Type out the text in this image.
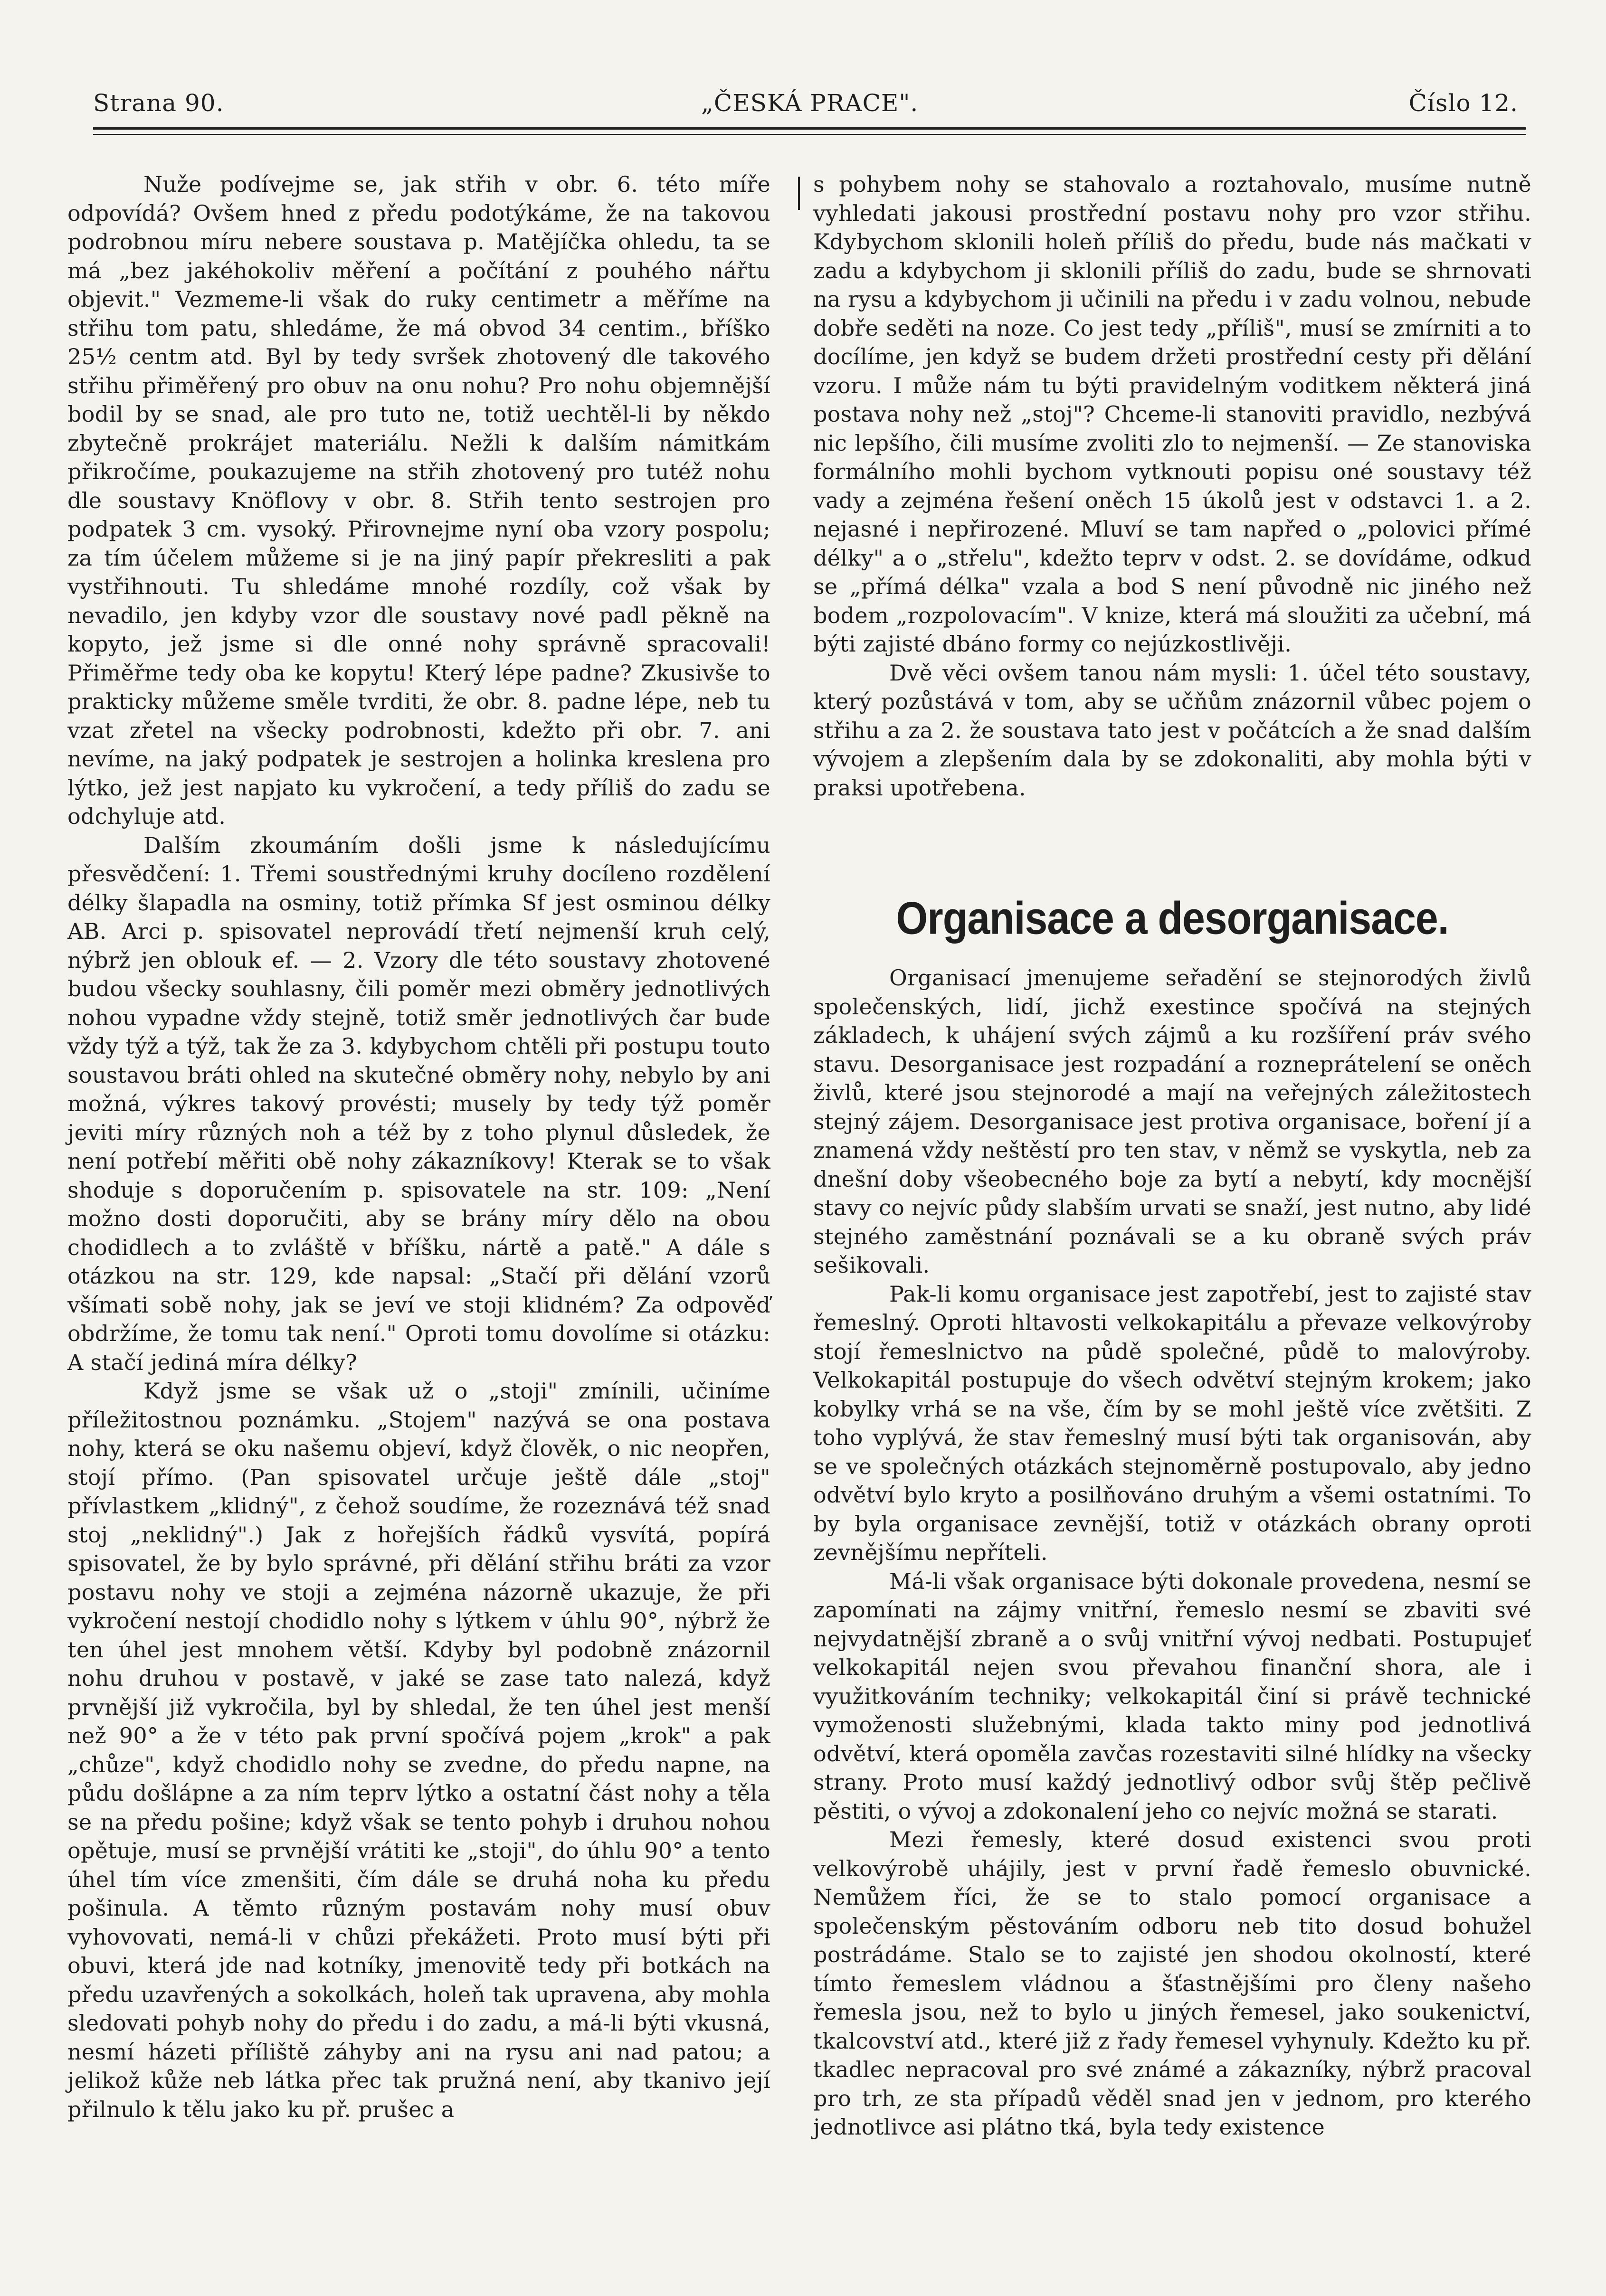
Strana 90.	„ČESKÁ PRACE".	Číslo 12.

Nuže podívejme se, jak střih v obr. 6. této míře odpovídá? Ovšem hned z předu podotýkáme, že na takovou podrobnou míru nebere soustava p. Matějíčka ohledu, ta se má „bez jakéhokoliv měření a počítání z pouhého nářtu objevit." Vezmeme-li však do ruky centimetr a měříme na střihu tom patu, shledáme, že má obvod 34 centim., bříško 25½ centm atd. Byl by tedy svršek zhotovený dle takového střihu přiměřený pro obuv na onu nohu? Pro nohu objemnější bodil by se snad, ale pro tuto ne, totiž uechtěl-li by někdo zbytečně prokrájet materiálu. Nežli k dalším námitkám přikročíme, poukazujeme na střih zhotovený pro tutéž nohu dle soustavy Knöflovy v obr. 8. Střih tento sestrojen pro podpatek 3 cm. vysoký. Přirovnejme nyní oba vzory pospolu; za tím účelem můžeme si je na jiný papír překresliti a pak vystřihnouti. Tu shledáme mnohé rozdíly, což však by nevadilo, jen kdyby vzor dle soustavy nové padl pěkně na kopyto, jež jsme si dle onné nohy správně spracovali! Přiměřme tedy oba ke kopytu! Který lépe padne? Zkusivše to prakticky můžeme směle tvrditi, že obr. 8. padne lépe, neb tu vzat zřetel na všecky podrobnosti, kdežto při obr. 7. ani nevíme, na jaký podpatek je sestrojen a holinka kreslena pro lýtko, jež jest napjato ku vykročení, a tedy příliš do zadu se odchyluje atd.

Dalším zkoumáním došli jsme k následujícímu přesvědčení: 1. Třemi soustřednými kruhy docíleno rozdělení délky šlapadla na osminy, totiž přímka Sf jest osminou délky AB. Arci p. spisovatel neprovádí třetí nejmenší kruh celý, nýbrž jen oblouk ef. — 2. Vzory dle této soustavy zhotovené budou všecky souhlasny, čili poměr mezi obměry jednotlivých nohou vypadne vždy stejně, totiž směr jednotlivých čar bude vždy týž a týž, tak že za 3. kdybychom chtěli při postupu touto soustavou bráti ohled na skutečné obměry nohy, nebylo by ani možná, výkres takový provésti; musely by tedy týž poměr jeviti míry různých noh a též by z toho plynul důsledek, že není potřebí měřiti obě nohy zákazníkovy! Kterak se to však shoduje s doporučením p. spisovatele na str. 109: „Není možno dosti doporučiti, aby se brány míry dělo na obou chodidlech a to zvláště v bříšku, nártě a patě." A dále s otázkou na str. 129, kde napsal: „Stačí při dělání vzorů všímati sobě nohy, jak se jeví ve stoji klidném? Za odpověď obdržíme, že tomu tak není." Oproti tomu dovolíme si otázku: A stačí jediná míra délky?

Když jsme se však už o „stoji" zmínili, učiníme příležitostnou poznámku. „Stojem" nazývá se ona postava nohy, která se oku našemu objeví, když člověk, o nic neopřen, stojí přímo. (Pan spisovatel určuje ještě dále „stoj" přívlastkem „klidný", z čehož soudíme, že rozeznává též snad stoj „neklidný".) Jak z hořejších řádků vysvítá, popírá spisovatel, že by bylo správné, při dělání střihu bráti za vzor postavu nohy ve stoji a zejména názorně ukazuje, že při vykročení nestojí chodidlo nohy s lýtkem v úhlu 90°, nýbrž že ten úhel jest mnohem větší. Kdyby byl podobně znázornil nohu druhou v postavě, v jaké se zase tato nalezá, když prvnější již vykročila, byl by shledal, že ten úhel jest menší než 90° a že v této pak první spočívá pojem „krok" a pak „chůze", když chodidlo nohy se zvedne, do předu napne, na půdu došlápne a za ním teprv lýtko a ostatní část nohy a těla se na předu pošine; když však se tento pohyb i druhou nohou opětuje, musí se prvnější vrátiti ke „stoji", do úhlu 90° a tento úhel tím více zmenšiti, čím dále se druhá noha ku předu pošinula. A těmto různým postavám nohy musí obuv vyhovovati, nemá-li v chůzi překážeti. Proto musí býti při obuvi, která jde nad kotníky, jmenovitě tedy při botkách na předu uzavřených a sokolkách, holeň tak upravena, aby mohla sledovati pohyb nohy do předu i do zadu, a má-li býti vkusná, nesmí házeti příliště záhyby ani na rysu ani nad patou; a jelikož kůže neb látka přec tak pružná není, aby tkanivo její přilnulo k tělu jako ku př. prušec a

s pohybem nohy se stahovalo a roztahovalo, musíme nutně vyhledati jakousi prostřední postavu nohy pro vzor střihu. Kdybychom sklonili holeň příliš do předu, bude nás mačkati v zadu a kdybychom ji sklonili příliš do zadu, bude se shrnovati na rysu a kdybychom ji učinili na předu i v zadu volnou, nebude dobře seděti na noze. Co jest tedy „příliš", musí se zmírniti a to docílíme, jen když se budem držeti prostřední cesty při dělání vzoru. I může nám tu býti pravidelným voditkem některá jiná postava nohy než „stoj"? Chceme-li stanoviti pravidlo, nezbývá nic lepšího, čili musíme zvoliti zlo to nejmenší. — Ze stanoviska formálního mohli bychom vytknouti popisu oné soustavy též vady a zejména řešení oněch 15 úkolů jest v odstavci 1. a 2. nejasné i nepřirozené. Mluví se tam napřed o „polovici přímé délky" a o „střelu", kdežto teprv v odst. 2. se dovídáme, odkud se „přímá délka" vzala a bod S není původně nic jiného než bodem „rozpolovacím". V knize, která má sloužiti za učební, má býti zajisté dbáno formy co nejúzkostlivěji.

Dvě věci ovšem tanou nám mysli: 1. účel této soustavy, který pozůstává v tom, aby se učňům znázornil vůbec pojem o střihu a za 2. že soustava tato jest v počátcích a že snad dalším vývojem a zlepšením dala by se zdokonaliti, aby mohla býti v praksi upotřebena.

Organisace a desorganisace.

Organisací jmenujeme seřadění se stejnorodých živlů společenských, lidí, jichž exestince spočívá na stejných základech, k uhájení svých zájmů a ku rozšíření práv svého stavu. Desorganisace jest rozpadání a rozneprátelení se oněch živlů, které jsou stejnorodé a mají na veřejných záležitostech stejný zájem. Desorganisace jest protiva organisace, boření jí a znamená vždy neštěstí pro ten stav, v němž se vyskytla, neb za dnešní doby všeobecného boje za bytí a nebytí, kdy mocnější stavy co nejvíc půdy slabším urvati se snaží, jest nutno, aby lidé stejného zaměstnání poznávali se a ku obraně svých práv sešikovali.

Pak-li komu organisace jest zapotřebí, jest to zajisté stav řemeslný. Oproti hltavosti velkokapitálu a převaze velkovýroby stojí řemeslnictvo na půdě společné, půdě to malovýroby. Velkokapitál postupuje do všech odvětví stejným krokem; jako kobylky vrhá se na vše, čím by se mohl ještě více zvětšiti. Z toho vyplývá, že stav řemeslný musí býti tak organisován, aby se ve společných otázkách stejnoměrně postupovalo, aby jedno odvětví bylo kryto a posilňováno druhým a všemi ostatními. To by byla organisace zevnější, totiž v otázkách obrany oproti zevnějšímu nepříteli.

Má-li však organisace býti dokonale provedena, nesmí se zapomínati na zájmy vnitřní, řemeslo nesmí se zbaviti své nejvydatnější zbraně a o svůj vnitřní vývoj nedbati. Postupujeť velkokapitál nejen svou převahou finanční shora, ale i využitkováním techniky; velkokapitál činí si právě technické vymoženosti služebnými, klada takto miny pod jednotlivá odvětví, která opoměla zavčas rozestaviti silné hlídky na všecky strany. Proto musí každý jednotlivý odbor svůj štěp pečlivě pěstiti, o vývoj a zdokonalení jeho co nejvíc možná se starati.

Mezi řemesly, které dosud existenci svou proti velkovýrobě uhájily, jest v první řadě řemeslo obuvnické. Nemůžem říci, že se to stalo pomocí organisace a společenským pěstováním odboru neb tito dosud bohužel postrádáme. Stalo se to zajisté jen shodou okolností, které tímto řemeslem vládnou a šťastnějšími pro členy našeho řemesla jsou, než to bylo u jiných řemesel, jako soukenictví, tkalcovství atd., které již z řady řemesel vyhynuly. Kdežto ku př. tkadlec nepracoval pro své známé a zákazníky, nýbrž pracoval pro trh, ze sta případů věděl snad jen v jednom, pro kterého jednotlivce asi plátno tká, byla tedy existence
